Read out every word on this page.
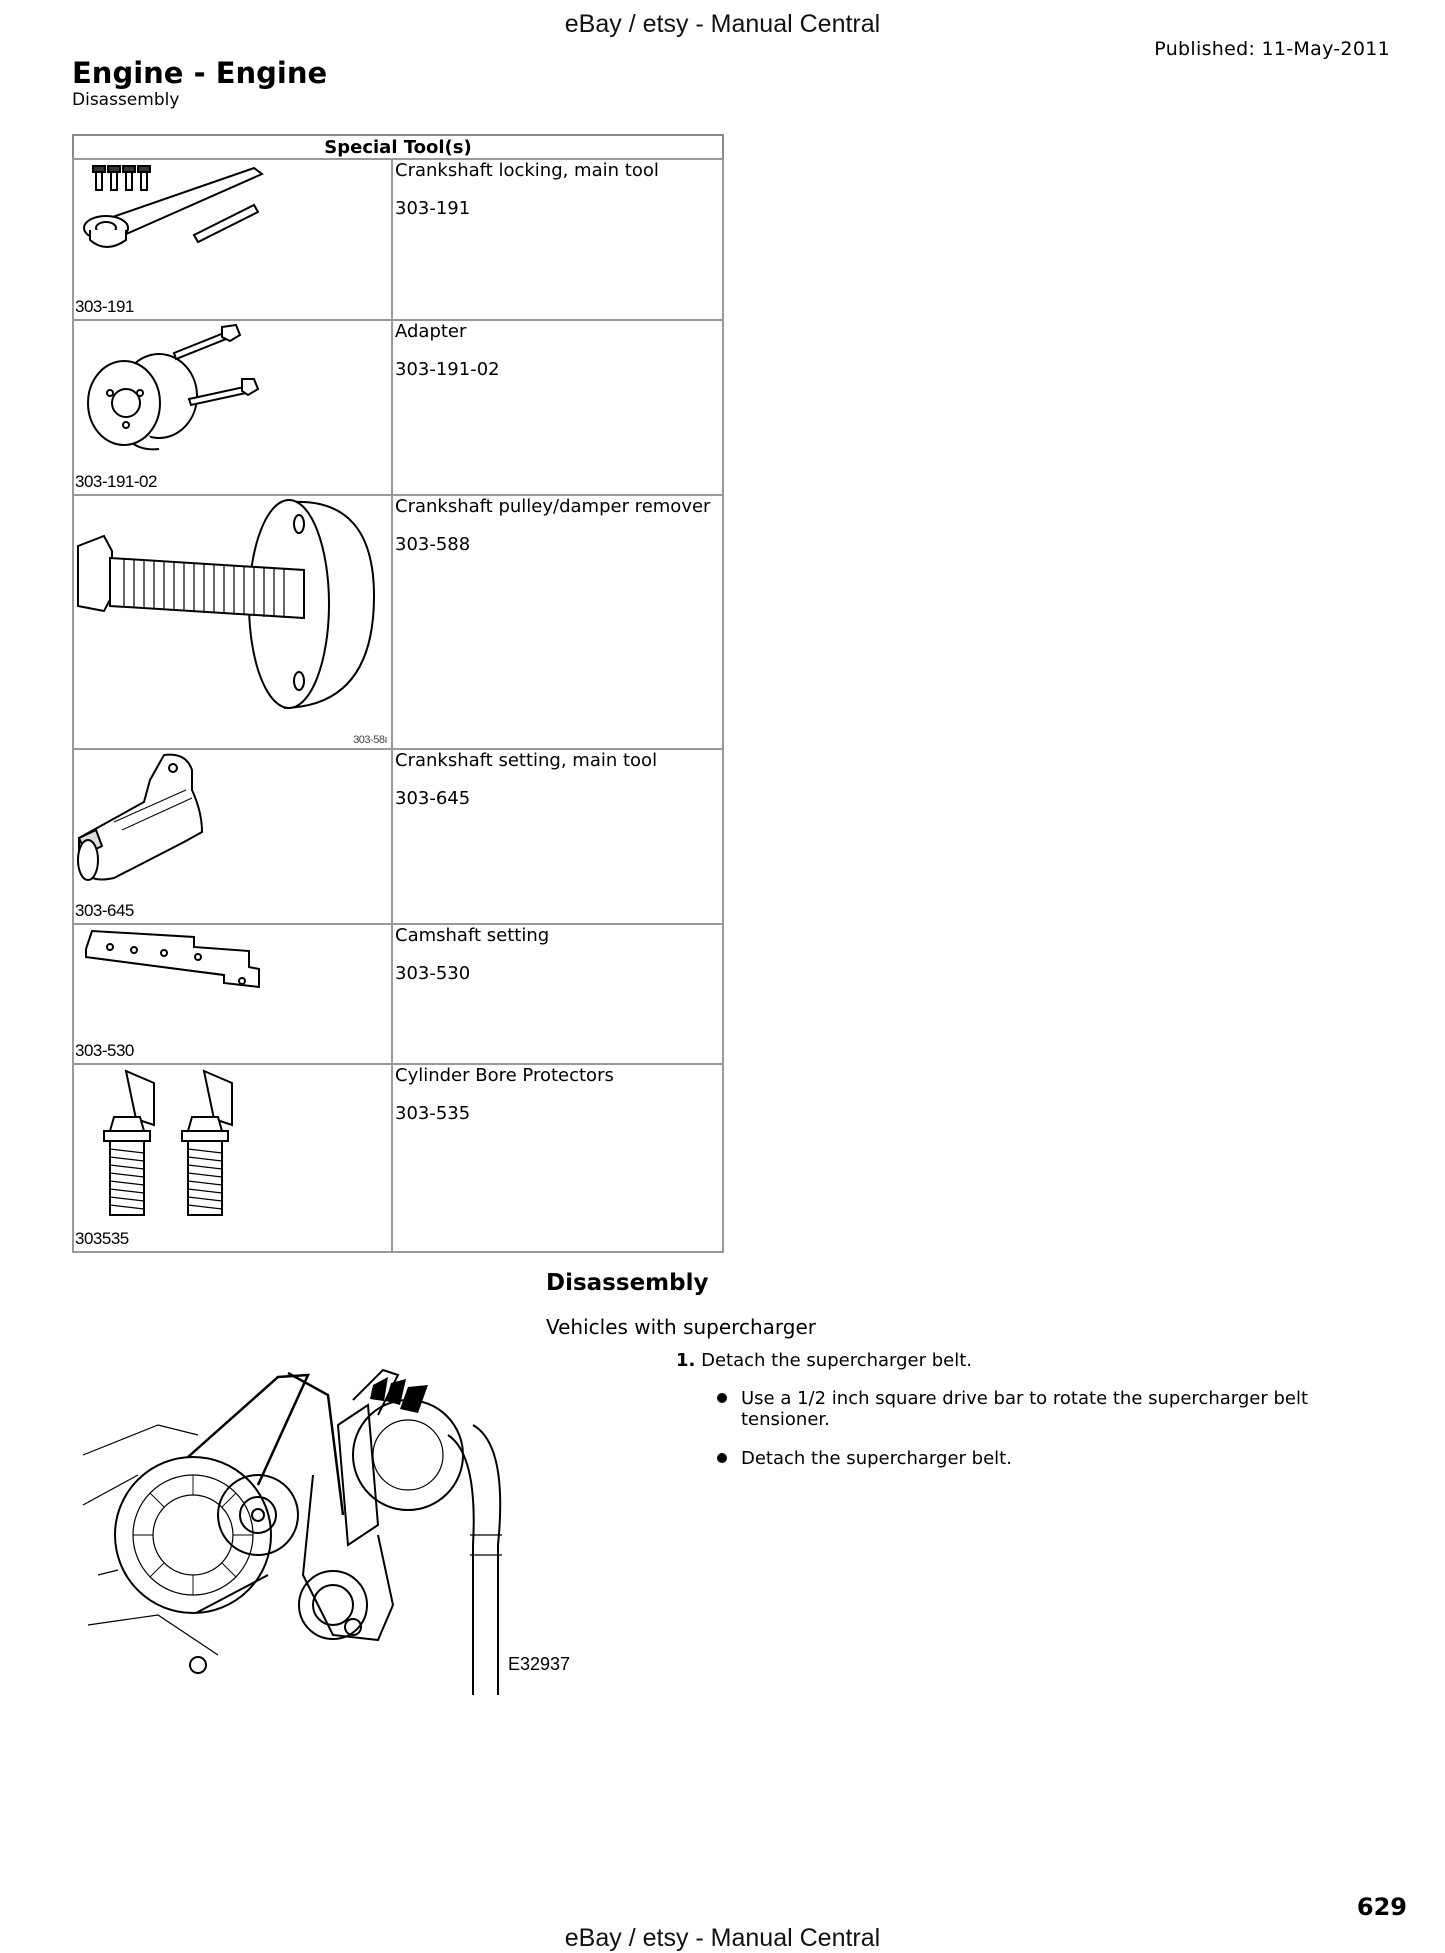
eBay / etsy - Manual Central
Published: 11-May-2011
Engine - Engine
Disassembly
Special Tool(s)	

303-191	Crankshaft locking, main tool

303-191

303-191-02	Adapter

303-191-02

303-58ı	Crankshaft pulley/damper remover

303-588

303-645	Crankshaft setting, main tool

303-645

303-530	Camshaft setting

303-530

303535	Cylinder Bore Protectors

303-535

Disassembly
Vehicles with supercharger
1. Detach the supercharger belt.
Use a 1/2 inch square drive bar to rotate the supercharger belt tensioner.
Detach the supercharger belt.
E32937
629
eBay / etsy - Manual Central
